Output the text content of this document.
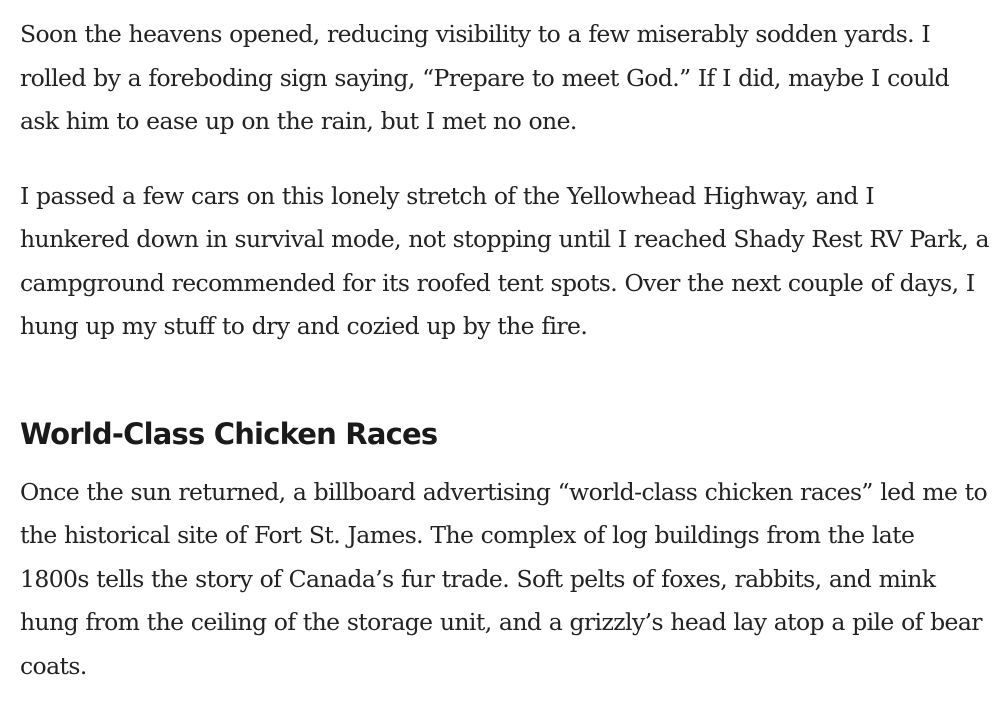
Soon the heavens opened, reducing visibility to a few miserably sodden yards. I rolled by a foreboding sign saying, “Prepare to meet God.” If I did, maybe I could ask him to ease up on the rain, but I met no one.

I passed a few cars on this lonely stretch of the Yellowhead Highway, and I hunkered down in survival mode, not stopping until I reached Shady Rest RV Park, a campground recommended for its roofed tent spots. Over the next couple of days, I hung up my stuff to dry and cozied up by the fire.

World-Class Chicken Races

Once the sun returned, a billboard advertising “world-class chicken races” led me to the historical site of Fort St. James. The complex of log buildings from the late 1800s tells the story of Canada’s fur trade. Soft pelts of foxes, rabbits, and mink hung from the ceiling of the storage unit, and a grizzly’s head lay atop a pile of bear coats.
